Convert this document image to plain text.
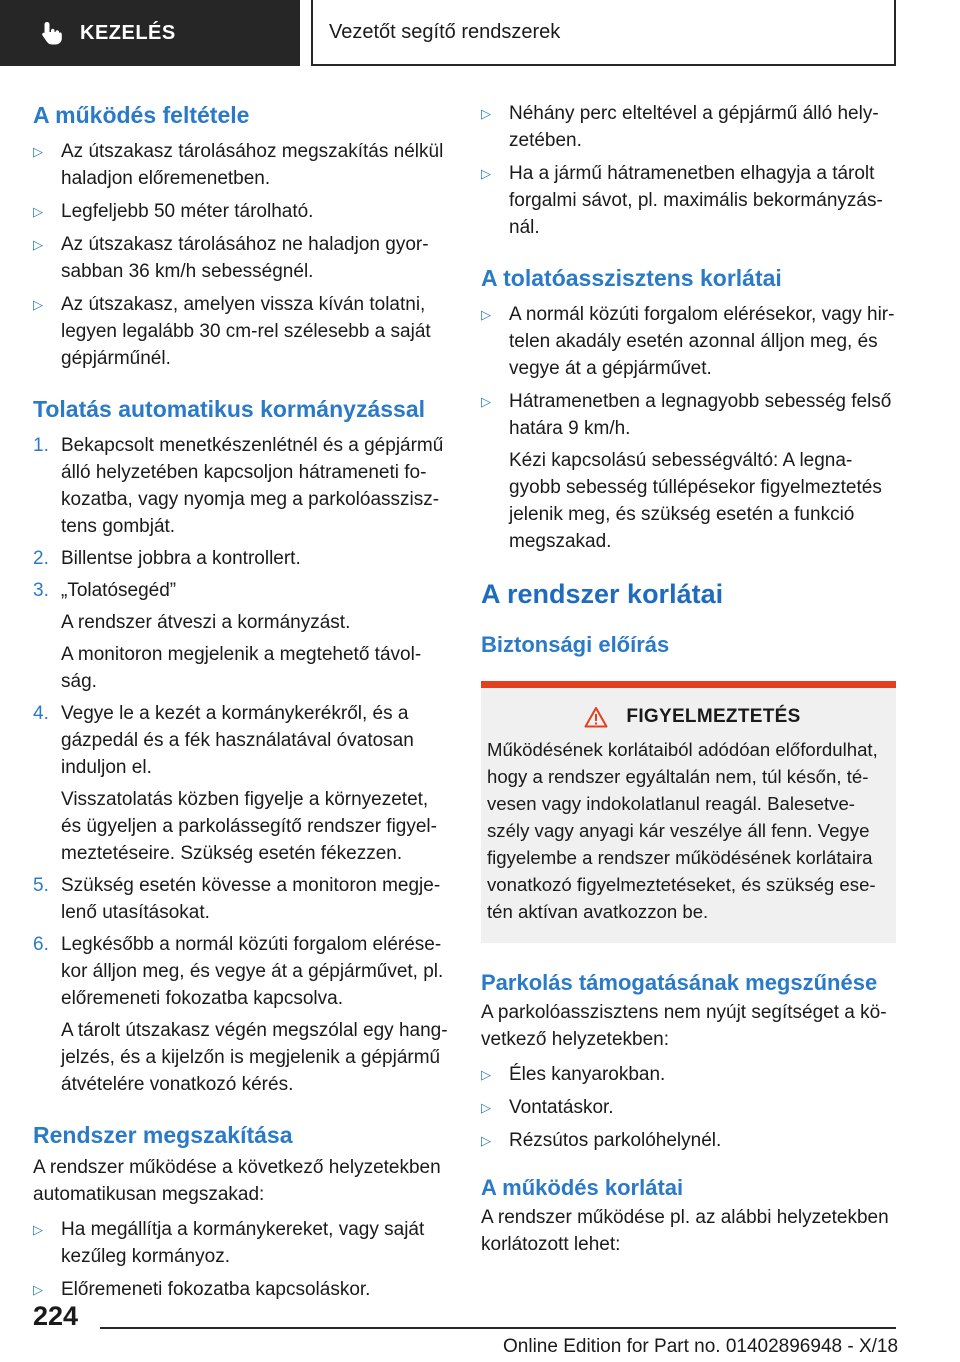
KEZELÉS	Vezetőt segítő rendszerek
A működés feltétele
▷ Az útszakasz tárolásához megszakítás nélkül haladjon előremenetben.
▷ Legfeljebb 50 méter tárolható.
▷ Az útszakasz tárolásához ne haladjon gyorsabban 36 km/h sebességnél.
▷ Az útszakasz, amelyen vissza kíván tolatni, legyen legalább 30 cm-rel szélesebb a saját gépjárműnél.
Tolatás automatikus kormányzással
1. Bekapcsolt menetkészenlétnél és a gépjármű álló helyzetében kapcsoljon hátrameneti fokozatba, vagy nyomja meg a parkolóasszisztens gombját.
2. Billentse jobbra a kontrollert.
3. „Tolatósegéd”
A rendszer átveszi a kormányzást.
A monitoron megjelenik a megtehető távolság.
4. Vegye le a kezét a kormánykerékről, és a gázpedál és a fék használatával óvatosan induljon el.
Visszatolatás közben figyelje a környezetet, és ügyeljen a parkolássegítő rendszer figyelmeztetéseire. Szükség esetén fékezzen.
5. Szükség esetén kövesse a monitoron megjelenő utasításokat.
6. Legkésőbb a normál közúti forgalom elérésekor álljon meg, és vegye át a gépjárművet, pl. előremeneti fokozatba kapcsolva.
A tárolt útszakasz végén megszólal egy hangjelzés, és a kijelzőn is megjelenik a gépjármű átvételére vonatkozó kérés.
Rendszer megszakítása
A rendszer működése a következő helyzetekben automatikusan megszakad:
▷ Ha megállítja a kormánykereket, vagy saját kezűleg kormányoz.
▷ Előremeneti fokozatba kapcsoláskor.
▷ Néhány perc elteltével a gépjármű álló helyzetében.
▷ Ha a jármű hátramenetben elhagyja a tárolt forgalmi sávot, pl. maximális bekormányzásnál.
A tolatóasszisztens korlátai
▷ A normál közúti forgalom elérésekor, vagy hirtelen akadály esetén azonnal álljon meg, és vegye át a gépjárművet.
▷ Hátramenetben a legnagyobb sebesség felső határa 9 km/h.
Kézi kapcsolású sebességváltó: A legnagyobb sebesség túllépésekor figyelmeztetés jelenik meg, és szükség esetén a funkció megszakad.
A rendszer korlátai
Biztonsági előírás
FIGYELMEZTETÉS
Működésének korlátaiból adódóan előfordulhat, hogy a rendszer egyáltalán nem, túl későn, tévesen vagy indokolatlanul reagál. Balesetveszély vagy anyagi kár veszélye áll fenn. Vegye figyelembe a rendszer működésének korlátaira vonatkozó figyelmeztetéseket, és szükség esetén aktívan avatkozzon be.
Parkolás támogatásának megszűnése
A parkolóasszisztens nem nyújt segítséget a következő helyzetekben:
▷ Éles kanyarokban.
▷ Vontatáskor.
▷ Rézsútos parkolóhelynél.
A működés korlátai
A rendszer működése pl. az alábbi helyzetekben korlátozott lehet:
224
Online Edition for Part no. 01402896948 - X/18
